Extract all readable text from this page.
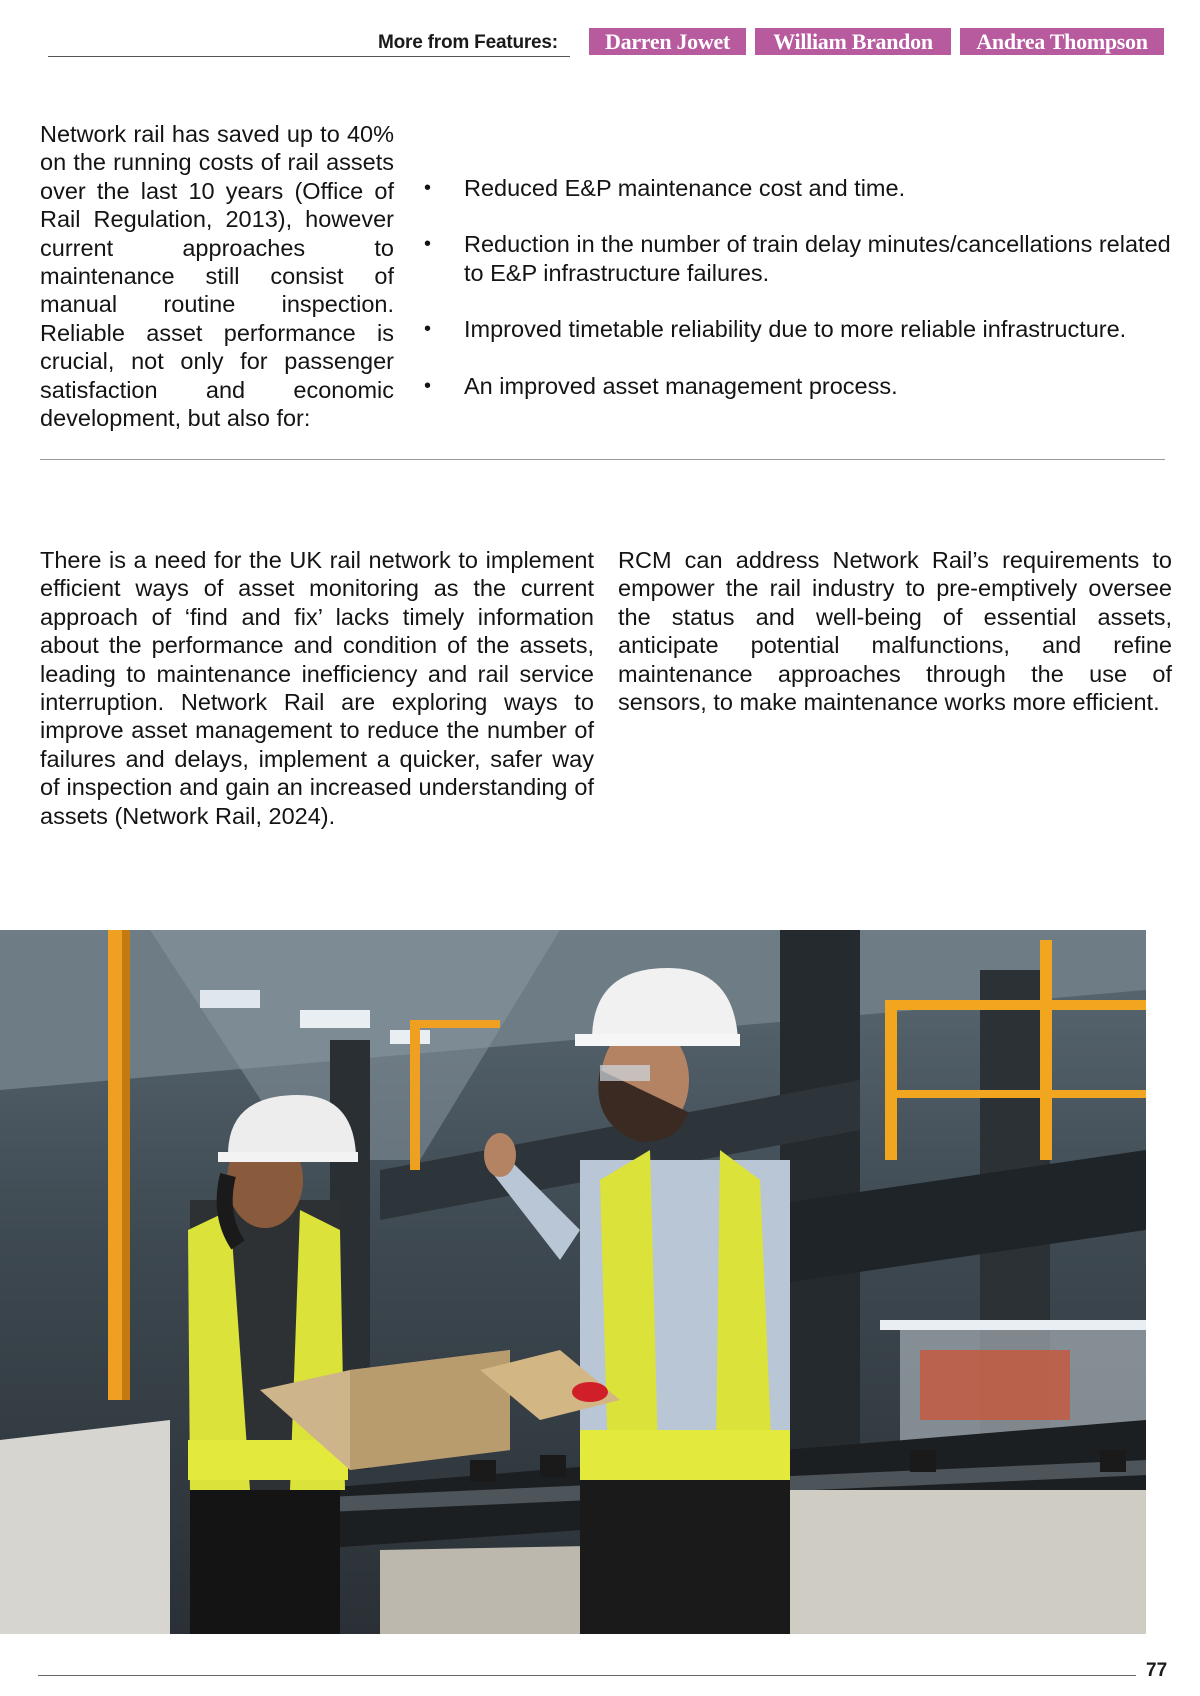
More from Features:	Darren Jowet	William Brandon	Andrea Thompson

Network rail has saved up to 40% on the running costs of rail assets over the last 10 years (Office of Rail Regulation, 2013), however current approaches to maintenance still consist of manual routine inspection. Reliable asset performance is crucial, not only for passenger satisfaction and economic development, but also for:

• Reduced E&P maintenance cost and time.
• Reduction in the number of train delay minutes/cancellations related to E&P infrastructure failures.
• Improved timetable reliability due to more reliable infrastructure.
• An improved asset management process.

There is a need for the UK rail network to implement efficient ways of asset monitoring as the current approach of ‘find and fix’ lacks timely information about the performance and condition of the assets, leading to maintenance inefficiency and rail service interruption. Network Rail are exploring ways to improve asset management to reduce the number of failures and delays, implement a quicker, safer way of inspection and gain an increased understanding of assets (Network Rail, 2024).

RCM can address Network Rail’s requirements to empower the rail industry to pre-emptively oversee the status and well-being of essential assets, anticipate potential malfunctions, and refine maintenance approaches through the use of sensors, to make maintenance works more efficient.

77
